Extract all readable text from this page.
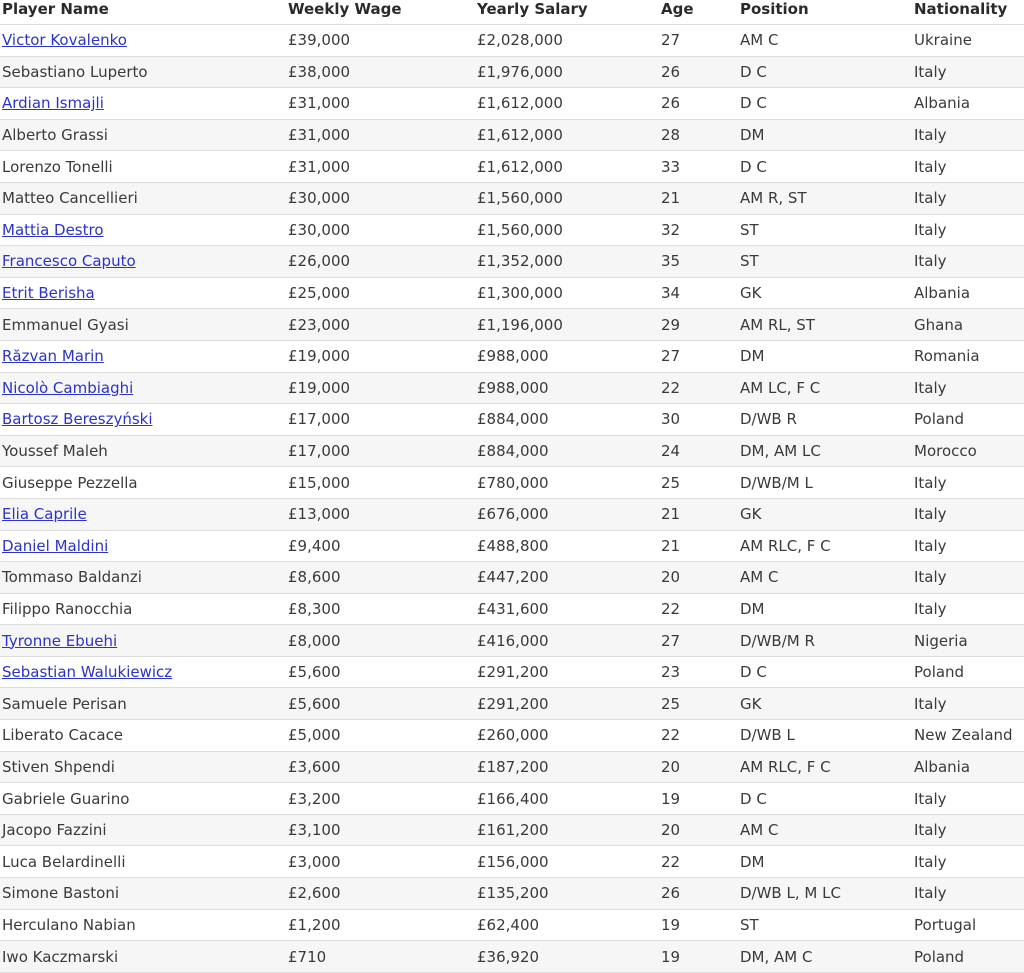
Player Name	Weekly Wage	Yearly Salary	Age	Position	Nationality
Victor Kovalenko	£39,000	£2,028,000	27	AM C	Ukraine
Sebastiano Luperto	£38,000	£1,976,000	26	D C	Italy
Ardian Ismajli	£31,000	£1,612,000	26	D C	Albania
Alberto Grassi	£31,000	£1,612,000	28	DM	Italy
Lorenzo Tonelli	£31,000	£1,612,000	33	D C	Italy
Matteo Cancellieri	£30,000	£1,560,000	21	AM R, ST	Italy
Mattia Destro	£30,000	£1,560,000	32	ST	Italy
Francesco Caputo	£26,000	£1,352,000	35	ST	Italy
Etrit Berisha	£25,000	£1,300,000	34	GK	Albania
Emmanuel Gyasi	£23,000	£1,196,000	29	AM RL, ST	Ghana
Răzvan Marin	£19,000	£988,000	27	DM	Romania
Nicolò Cambiaghi	£19,000	£988,000	22	AM LC, F C	Italy
Bartosz Bereszyński	£17,000	£884,000	30	D/WB R	Poland
Youssef Maleh	£17,000	£884,000	24	DM, AM LC	Morocco
Giuseppe Pezzella	£15,000	£780,000	25	D/WB/M L	Italy
Elia Caprile	£13,000	£676,000	21	GK	Italy
Daniel Maldini	£9,400	£488,800	21	AM RLC, F C	Italy
Tommaso Baldanzi	£8,600	£447,200	20	AM C	Italy
Filippo Ranocchia	£8,300	£431,600	22	DM	Italy
Tyronne Ebuehi	£8,000	£416,000	27	D/WB/M R	Nigeria
Sebastian Walukiewicz	£5,600	£291,200	23	D C	Poland
Samuele Perisan	£5,600	£291,200	25	GK	Italy
Liberato Cacace	£5,000	£260,000	22	D/WB L	New Zealand
Stiven Shpendi	£3,600	£187,200	20	AM RLC, F C	Albania
Gabriele Guarino	£3,200	£166,400	19	D C	Italy
Jacopo Fazzini	£3,100	£161,200	20	AM C	Italy
Luca Belardinelli	£3,000	£156,000	22	DM	Italy
Simone Bastoni	£2,600	£135,200	26	D/WB L, M LC	Italy
Herculano Nabian	£1,200	£62,400	19	ST	Portugal
Iwo Kaczmarski	£710	£36,920	19	DM, AM C	Poland
